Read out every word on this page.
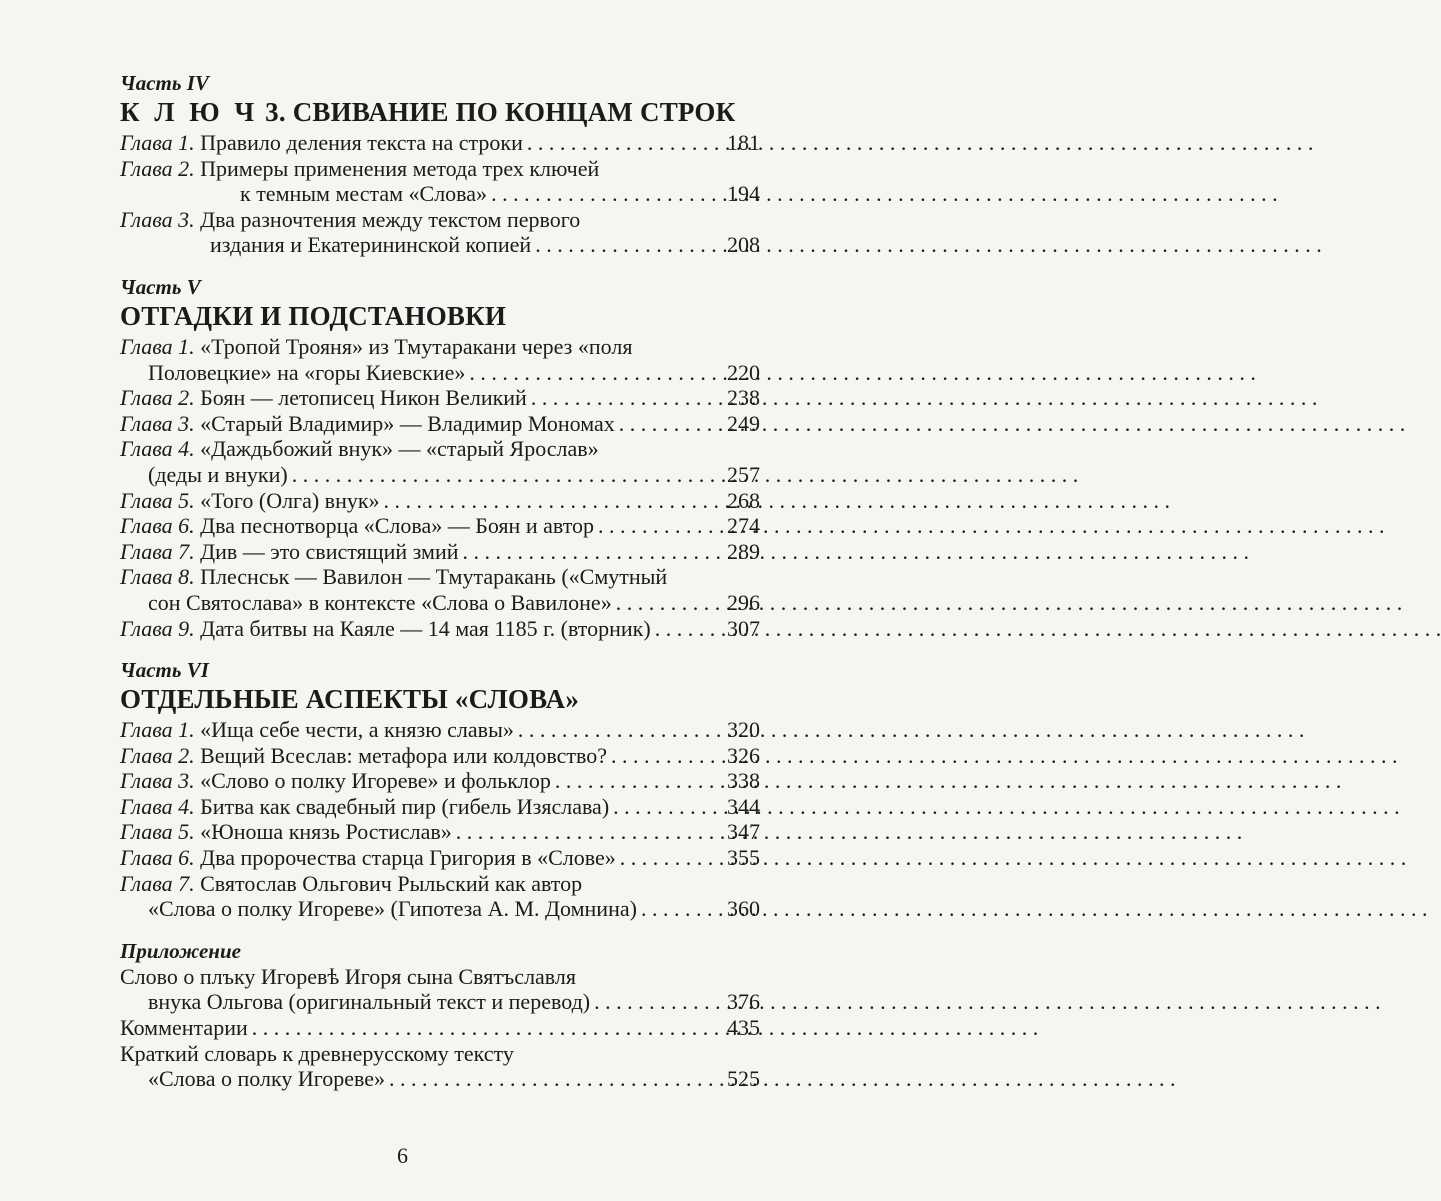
Часть IV

К Л Ю Ч 3. СВИВАНИЕ ПО КОНЦАМ СТРОК

Глава 1. Правило деления текста на строки . . .	181
Глава 2. Примеры применения метода трех ключей
к темным местам «Слова» . . .	194
Глава 3. Два разночтения между текстом первого
издания и Екатерининской копией . . .	208

Часть V

ОТГАДКИ И ПОДСТАНОВКИ

Глава 1. «Тропой Трояня» из Тмутаракани через «поля
Половецкие» на «горы Киевские» . . .	220
Глава 2. Боян — летописец Никон Великий . . .	238
Глава 3. «Старый Владимир» — Владимир Мономах . . .	249
Глава 4. «Даждьбожий внук» — «старый Ярослав»
(деды и внуки) . . .	257
Глава 5. «Того (Олга) внук» . . .	268
Глава 6. Два песнотворца «Слова» — Боян и автор . . .	274
Глава 7. Див — это свистящий змий . . .	289
Глава 8. Плеснськ — Вавилон — Тмутаракань («Смутный
сон Святослава» в контексте «Слова о Вавилоне» . . .	296
Глава 9. Дата битвы на Каяле — 14 мая 1185 г. (вторник) . . .	307

Часть VI

ОТДЕЛЬНЫЕ АСПЕКТЫ «СЛОВА»

Глава 1. «Ища себе чести, а князю славы» . . .	320
Глава 2. Вещий Всеслав: метафора или колдовство? . . .	326
Глава 3. «Слово о полку Игореве» и фольклор . . .	338
Глава 4. Битва как свадебный пир (гибель Изяслава) . . .	344
Глава 5. «Юноша князь Ростислав» . . .	347
Глава 6. Два пророчества старца Григория в «Слове» . . .	355
Глава 7. Святослав Ольгович Рыльский как автор
«Слова о полку Игореве» (Гипотеза А. М. Домнина) . . .	360

Приложение

Слово о плъку Игоревѣ Игоря сына Святъславля
внука Ольгова (оригинальный текст и перевод) . . .	376
Комментарии . . .	435
Краткий словарь к древнерусскому тексту
«Слова о полку Игореве» . . .	525
6
